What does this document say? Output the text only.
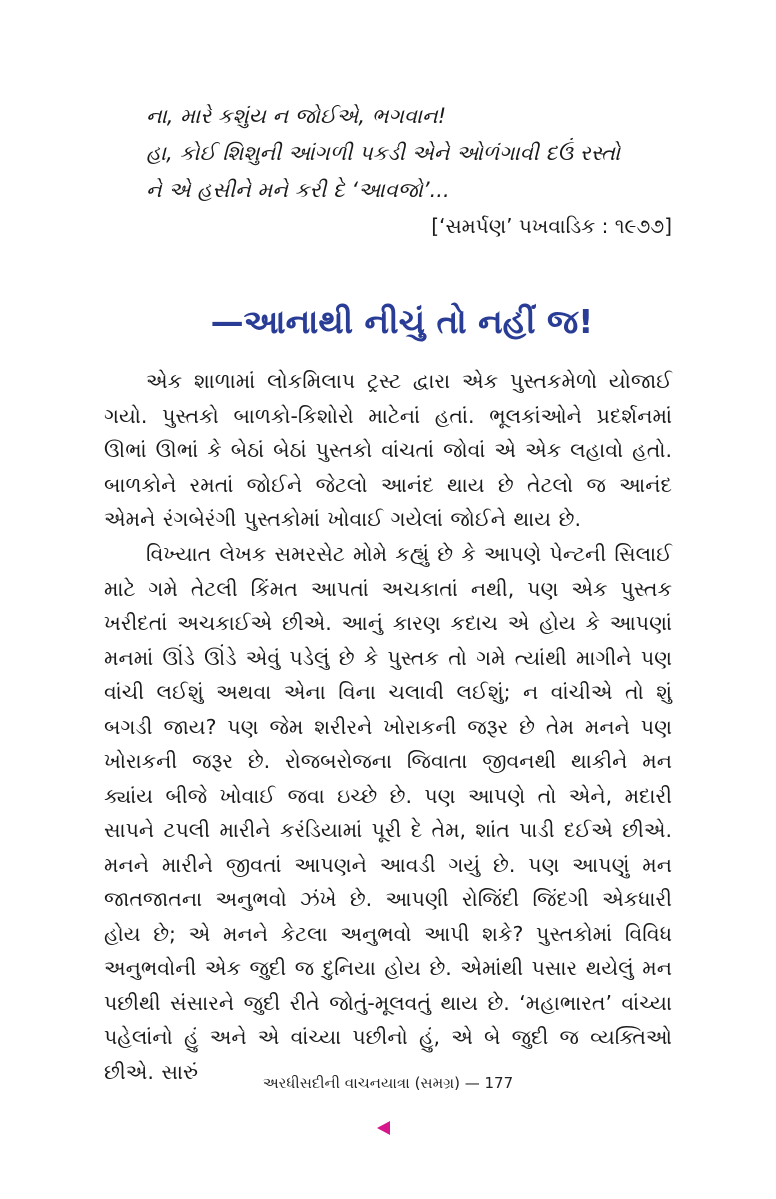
ના, મારે કશુંય ન જોઈએ, ભગવાન!
હા, કોઈ શિશુની આંગળી પકડી એને ઓળંગાવી દઉં રસ્તો
ને એ હસીને મને કરી દે ‘આવજો’...
[‘સમર્પણ’ પખવાડિક : ૧૯૭૭]
—આનાથી નીચું તો નહીં જ!

એક શાળામાં લોકમિલાપ ટ્રસ્ટ દ્વારા એક પુસ્તકમેળો યોજાઈ ગયો. પુસ્તકો બાળકો-કિશોરો માટેનાં હતાં. ભૂલકાંઓને પ્રદર્શનમાં ઊભાં ઊભાં કે બેઠાં બેઠાં પુસ્તકો વાંચતાં જોવાં એ એક લહાવો હતો. બાળકોને રમતાં જોઈને જેટલો આનંદ થાય છે તેટલો જ આનંદ એમને રંગબેરંગી પુસ્તકોમાં ખોવાઈ ગયેલાં જોઈને થાય છે.

વિખ્યાત લેખક સમરસેટ મોમે કહ્યું છે કે આપણે પેન્ટની સિલાઈ માટે ગમે તેટલી કિંમત આપતાં અચકાતાં નથી, પણ એક પુસ્તક ખરીદતાં અચકાઈએ છીએ. આનું કારણ કદાચ એ હોય કે આપણાં મનમાં ઊંડે ઊંડે એવું પડેલું છે કે પુસ્તક તો ગમે ત્યાંથી માગીને પણ વાંચી લઈશું અથવા એના વિના ચલાવી લઈશું; ન વાંચીએ તો શું બગડી જાય? પણ જેમ શરીરને ખોરાકની જરૂર છે તેમ મનને પણ ખોરાકની જરૂર છે. રોજબરોજના જિવાતા જીવનથી થાકીને મન ક્યાંય બીજે ખોવાઈ જવા ઇચ્છે છે. પણ આપણે તો એને, મદારી સાપને ટપલી મારીને કરંડિયામાં પૂરી દે તેમ, શાંત પાડી દઈએ છીએ. મનને મારીને જીવતાં આપણને આવડી ગયું છે. પણ આપણું મન જાતજાતના અનુભવો ઝંખે છે. આપણી રોજિંદી જિંદગી એકધારી હોય છે; એ મનને કેટલા અનુભવો આપી શકે? પુસ્તકોમાં વિવિધ અનુભવોની એક જુદી જ દુનિયા હોય છે. એમાંથી પસાર થયેલું મન પછીથી સંસારને જુદી રીતે જોતું-મૂલવતું થાય છે. ‘મહાભારત’ વાંચ્યા પહેલાંનો હું અને એ વાંચ્યા પછીનો હું, એ બે જુદી જ વ્યક્તિઓ છીએ. સારું	અરધીસદીની વાચનયાત્રા (સમગ્ર) — 177
